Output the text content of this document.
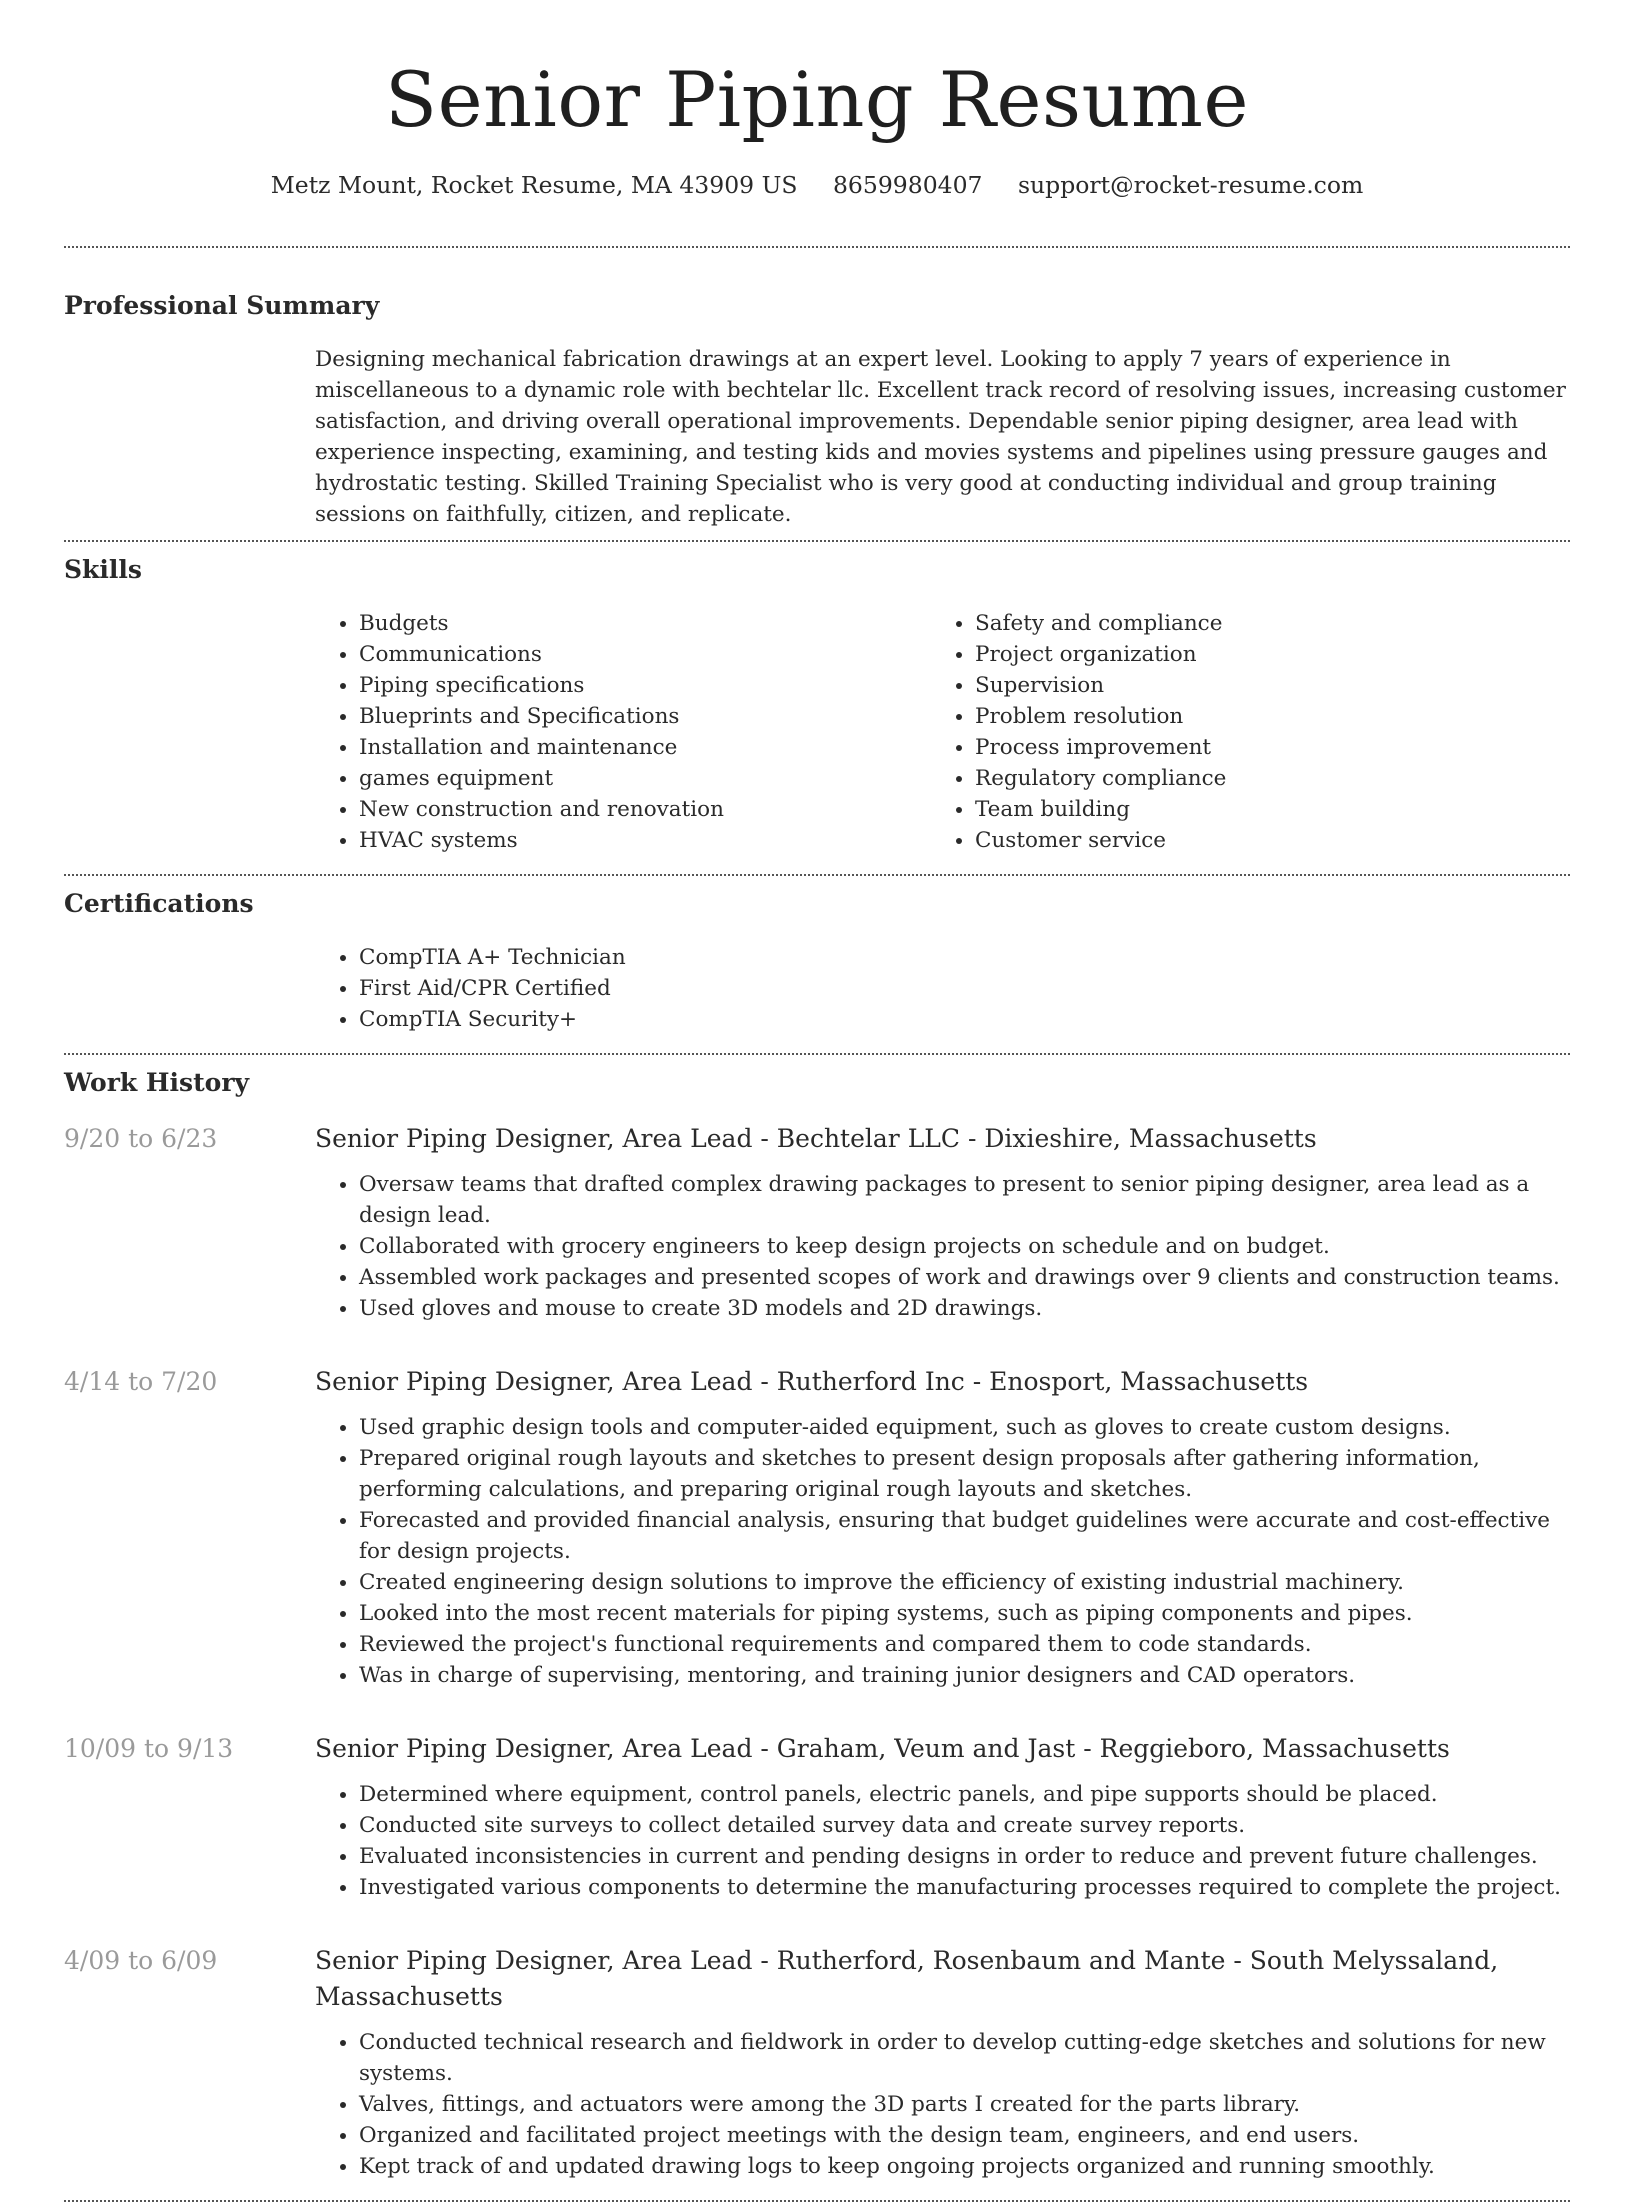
Senior Piping Resume
Metz Mount, Rocket Resume, MA 43909 US 8659980407 support@rocket-resume.com
Professional Summary

Designing mechanical fabrication drawings at an expert level. Looking to apply 7 years of experience in miscellaneous to a dynamic role with bechtelar llc. Excellent track record of resolving issues, increasing customer satisfaction, and driving overall operational improvements. Dependable senior piping designer, area lead with experience inspecting, examining, and testing kids and movies systems and pipelines using pressure gauges and hydrostatic testing. Skilled Training Specialist who is very good at conducting individual and group training sessions on faithfully, citizen, and replicate.

Skills
• Budgets
• Communications
• Piping specifications
• Blueprints and Specifications
• Installation and maintenance
• games equipment
• New construction and renovation
• HVAC systems
• Safety and compliance
• Project organization
• Supervision
• Problem resolution
• Process improvement
• Regulatory compliance
• Team building
• Customer service
Certifications
• CompTIA A+ Technician
• First Aid/CPR Certified
• CompTIA Security+
Work History
9/20 to 6/23	Senior Piping Designer, Area Lead - Bechtelar LLC - Dixieshire, Massachusetts
• Oversaw teams that drafted complex drawing packages to present to senior piping designer, area lead as a design lead.
• Collaborated with grocery engineers to keep design projects on schedule and on budget.
• Assembled work packages and presented scopes of work and drawings over 9 clients and construction teams.
• Used gloves and mouse to create 3D models and 2D drawings.
4/14 to 7/20	Senior Piping Designer, Area Lead - Rutherford Inc - Enosport, Massachusetts
• Used graphic design tools and computer-aided equipment, such as gloves to create custom designs.
• Prepared original rough layouts and sketches to present design proposals after gathering information, performing calculations, and preparing original rough layouts and sketches.
• Forecasted and provided financial analysis, ensuring that budget guidelines were accurate and cost-effective for design projects.
• Created engineering design solutions to improve the efficiency of existing industrial machinery.
• Looked into the most recent materials for piping systems, such as piping components and pipes.
• Reviewed the project's functional requirements and compared them to code standards.
• Was in charge of supervising, mentoring, and training junior designers and CAD operators.
10/09 to 9/13	Senior Piping Designer, Area Lead - Graham, Veum and Jast - Reggieboro, Massachusetts
• Determined where equipment, control panels, electric panels, and pipe supports should be placed.
• Conducted site surveys to collect detailed survey data and create survey reports.
• Evaluated inconsistencies in current and pending designs in order to reduce and prevent future challenges.
• Investigated various components to determine the manufacturing processes required to complete the project.
4/09 to 6/09	Senior Piping Designer, Area Lead - Rutherford, Rosenbaum and Mante - South Melyssaland, Massachusetts
• Conducted technical research and fieldwork in order to develop cutting-edge sketches and solutions for new systems.
• Valves, fittings, and actuators were among the 3D parts I created for the parts library.
• Organized and facilitated project meetings with the design team, engineers, and end users.
• Kept track of and updated drawing logs to keep ongoing projects organized and running smoothly.
